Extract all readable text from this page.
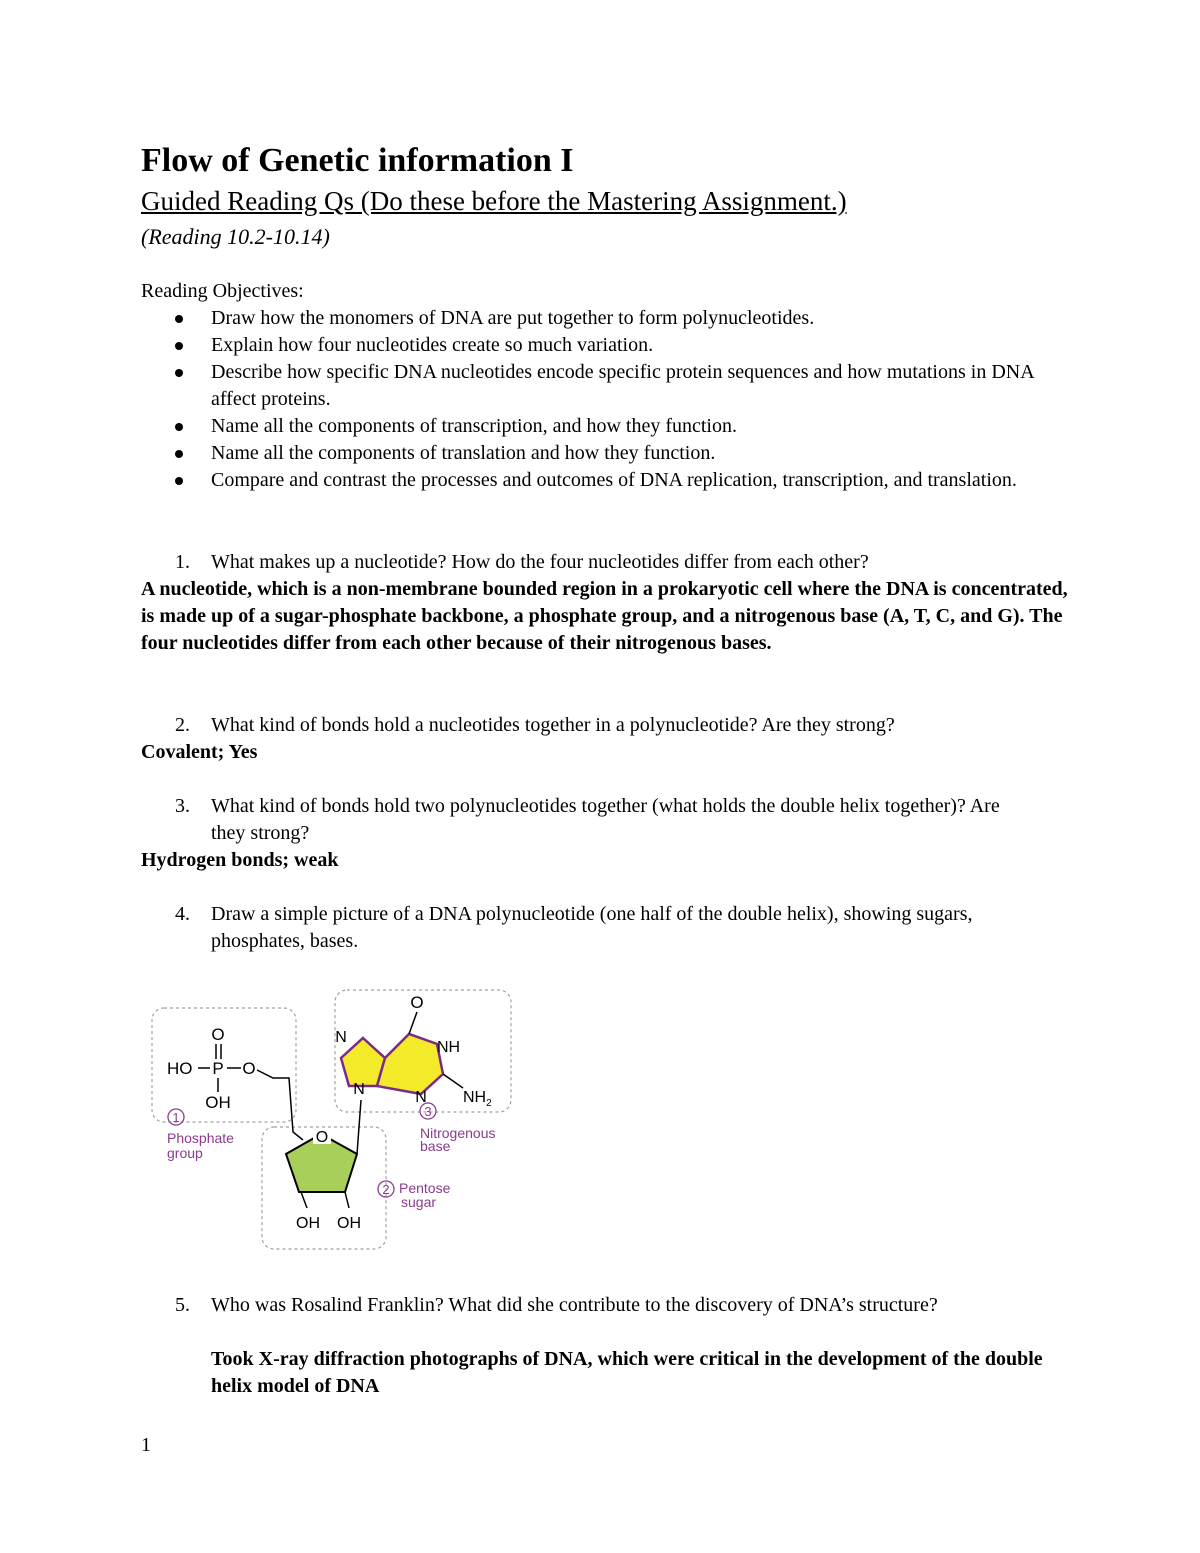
Flow of Genetic information I
Guided Reading Qs (Do these before the Mastering Assignment.)
(Reading 10.2-10.14)
Reading Objectives:
Draw how the monomers of DNA are put together to form polynucleotides.
Explain how four nucleotides create so much variation.
Describe how specific DNA nucleotides encode specific protein sequences and how mutations in DNA affect proteins.
Name all the components of transcription, and how they function.
Name all the components of translation and how they function.
Compare and contrast the processes and outcomes of DNA replication, transcription, and translation.
1.	What makes up a nucleotide? How do the four nucleotides differ from each other?
A nucleotide, which is a non-membrane bounded region in a prokaryotic cell where the DNA is concentrated, is made up of a sugar-phosphate backbone, a phosphate group, and a nitrogenous base (A, T, C, and G). The four nucleotides differ from each other because of their nitrogenous bases.
2.	What kind of bonds hold a nucleotides together in a polynucleotide? Are they strong?
Covalent; Yes
3.	What kind of bonds hold two polynucleotides together (what holds the double helix together)? Are they strong?
Hydrogen bonds; weak
4.	Draw a simple picture of a DNA polynucleotide (one half of the double helix), showing sugars, phosphates, bases.
O
HO P O
OH
1
Phosphate
group
O
OH OH
2 Pentose
sugar
O
NH
N
N	N $NH_2$
3
Nitrogenous
base
5.	Who was Rosalind Franklin? What did she contribute to the discovery of DNA’s structure?
Took X-ray diffraction photographs of DNA, which were critical in the development of the double helix model of DNA
1
